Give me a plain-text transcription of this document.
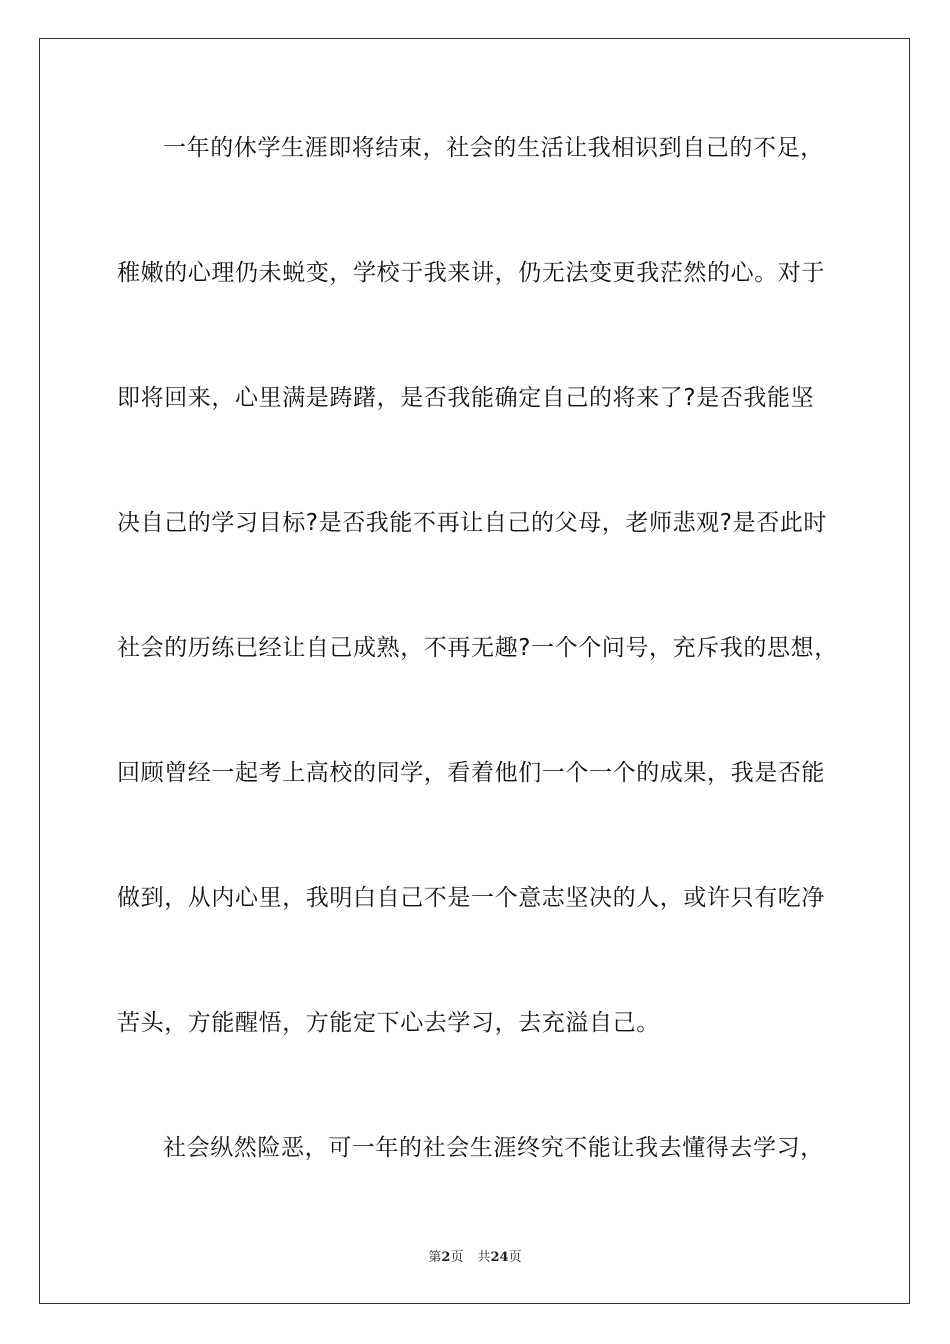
一年的休学生涯即将结束，社会的生活让我相识到自己的不足，
稚嫩的心理仍未蜕变，学校于我来讲，仍无法变更我茫然的心。对于
即将回来，心里满是踌躇，是否我能确定自己的将来了?是否我能坚
决自己的学习目标?是否我能不再让自己的父母，老师悲观?是否此时
社会的历练已经让自己成熟，不再无趣?一个个问号，充斥我的思想，
回顾曾经一起考上高校的同学，看着他们一个一个的成果，我是否能
做到，从内心里，我明白自己不是一个意志坚决的人，或许只有吃净
苦头，方能醒悟，方能定下心去学习，去充溢自己。
社会纵然险恶，可一年的社会生涯终究不能让我去懂得去学习，
第2页 共24页
